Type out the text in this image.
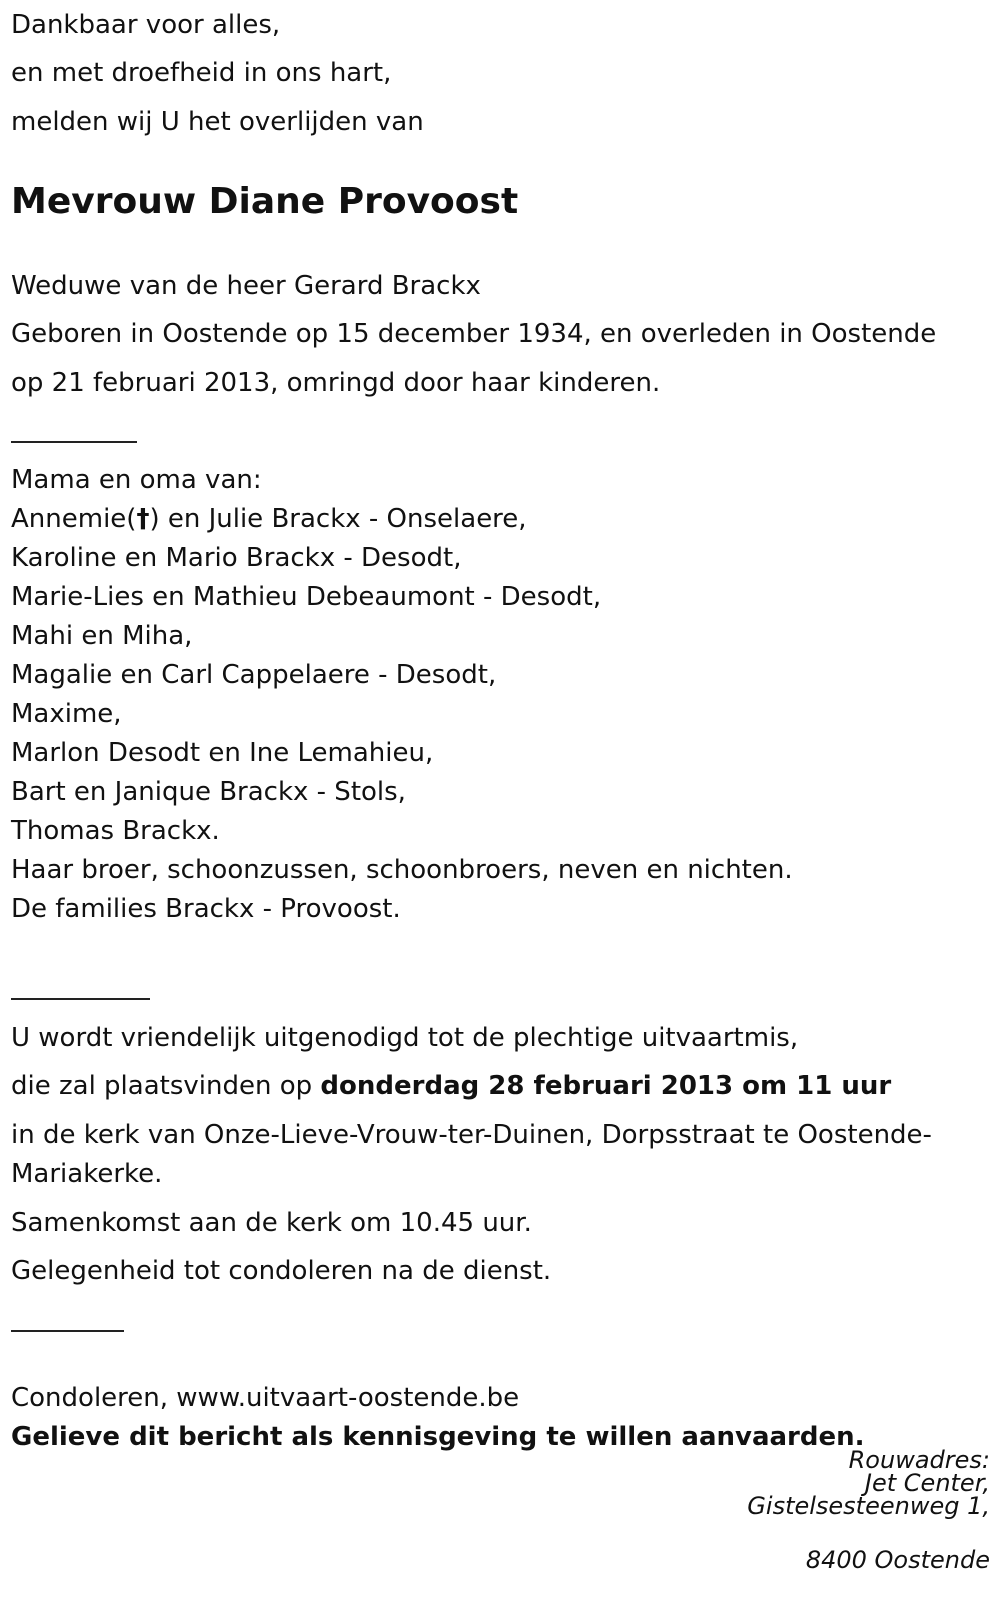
Dankbaar voor alles,
en met droefheid in ons hart,
melden wij U het overlijden van
Mevrouw Diane Provoost
Weduwe van de heer Gerard Brackx
Geboren in Oostende op 15 december 1934, en overleden in Oostende
op 21 februari 2013, omringd door haar kinderen.
Mama en oma van:
Annemie(†) en Julie Brackx - Onselaere,
Karoline en Mario Brackx - Desodt,
Marie-Lies en Mathieu Debeaumont - Desodt,
Mahi en Miha,
Magalie en Carl Cappelaere - Desodt,
Maxime,
Marlon Desodt en Ine Lemahieu,
Bart en Janique Brackx - Stols,
Thomas Brackx.
Haar broer, schoonzussen, schoonbroers, neven en nichten.
De families Brackx - Provoost.
U wordt vriendelijk uitgenodigd tot de plechtige uitvaartmis,
die zal plaatsvinden op donderdag 28 februari 2013 om 11 uur
in de kerk van Onze-Lieve-Vrouw-ter-Duinen, Dorpsstraat te Oostende-
Mariakerke.
Samenkomst aan de kerk om 10.45 uur.
Gelegenheid tot condoleren na de dienst.
Condoleren, www.uitvaart-oostende.be
Gelieve dit bericht als kennisgeving te willen aanvaarden.
Rouwadres:
Jet Center,
Gistelsesteenweg 1,
8400 Oostende
